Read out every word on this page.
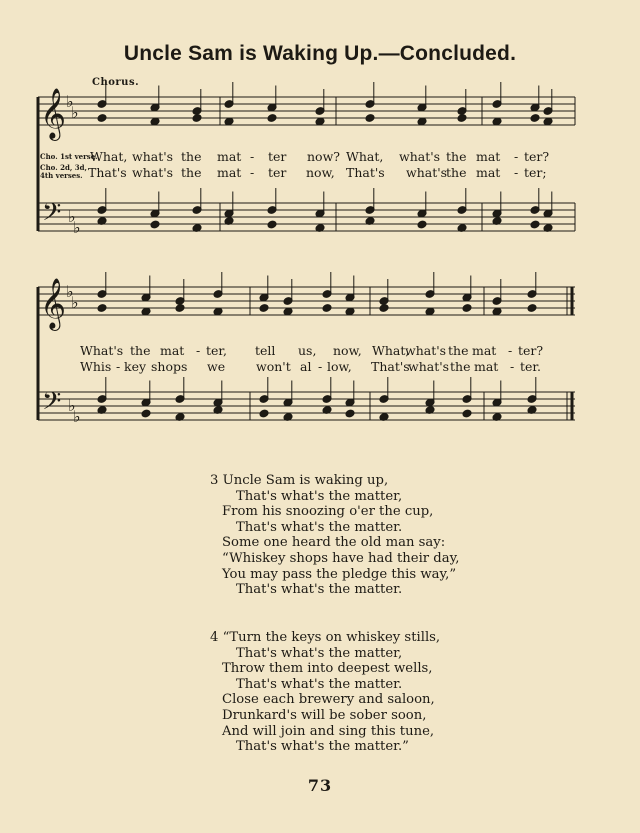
Uncle Sam is Waking Up.—Concluded.
Chorus.
𝄞 ♭
♭
𝄢 ♭
♭
𝄞 ♭
♭
𝄢 ♭
♭
Cho. 1st verse.
Cho. 2d, 3d,
4th verses.
What, what's the mat - ter now? What, what's the mat - ter?
That's what's the mat - ter now, That's what's
the mat - ter;
What's the mat - ter, tell us, now, What,
what's the mat - ter?
Whis - key shops we won't al - low, That's
what's the mat - ter.
3 Uncle Sam is waking up,
That's what's the matter,
From his snoozing o'er the cup,
That's what's the matter.
Some one heard the old man say:
“Whiskey shops have had their day,
You may pass the pledge this way,”
That's what's the matter.
4 “Turn the keys on whiskey stills,
That's what's the matter,
Throw them into deepest wells,
That's what's the matter.
Close each brewery and saloon,
Drunkard's will be sober soon,
And will join and sing this tune,
That's what's the matter.”
73
